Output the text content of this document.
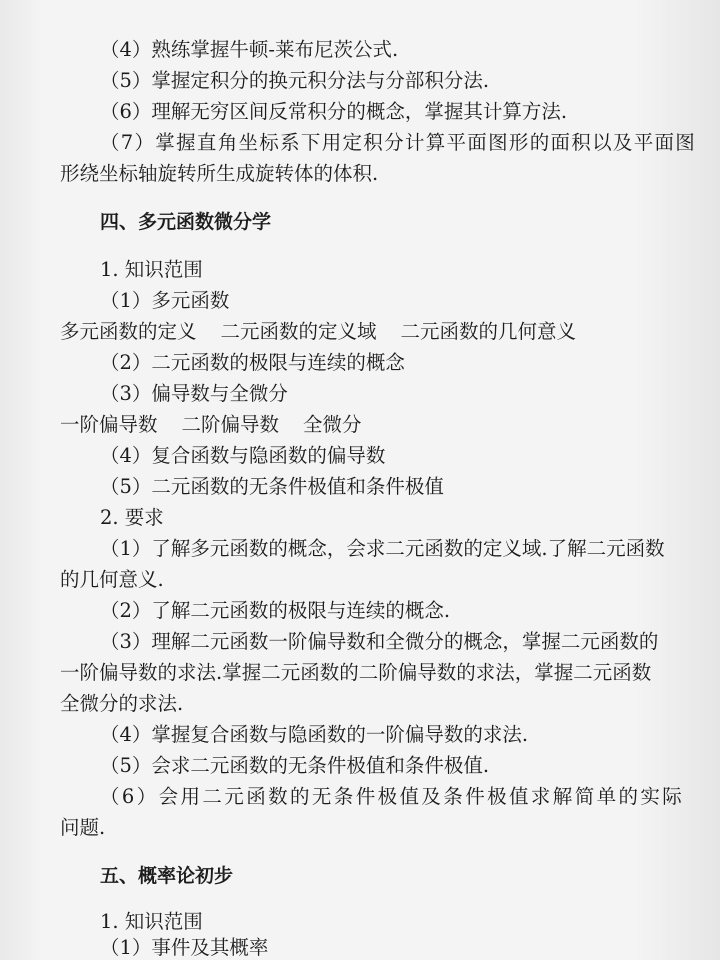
（4）熟练掌握牛顿-莱布尼茨公式.
（5）掌握定积分的换元积分法与分部积分法.
（6）理解无穷区间反常积分的概念，掌握其计算方法.
（7）掌握直角坐标系下用定积分计算平面图形的面积以及平面图
形绕坐标轴旋转所生成旋转体的体积.
四、多元函数微分学
1. 知识范围
（1）多元函数
多元函数的定义 二元函数的定义域 二元函数的几何意义
（2）二元函数的极限与连续的概念
（3）偏导数与全微分
一阶偏导数 二阶偏导数 全微分
（4）复合函数与隐函数的偏导数
（5）二元函数的无条件极值和条件极值
2. 要求
（1）了解多元函数的概念，会求二元函数的定义域.了解二元函数
的几何意义.
（2）了解二元函数的极限与连续的概念.
（3）理解二元函数一阶偏导数和全微分的概念，掌握二元函数的
一阶偏导数的求法.掌握二元函数的二阶偏导数的求法，掌握二元函数
全微分的求法.
（4）掌握复合函数与隐函数的一阶偏导数的求法.
（5）会求二元函数的无条件极值和条件极值.
（6）会用二元函数的无条件极值及条件极值求解简单的实际
问题.
五、概率论初步
1. 知识范围
（1）事件及其概率
